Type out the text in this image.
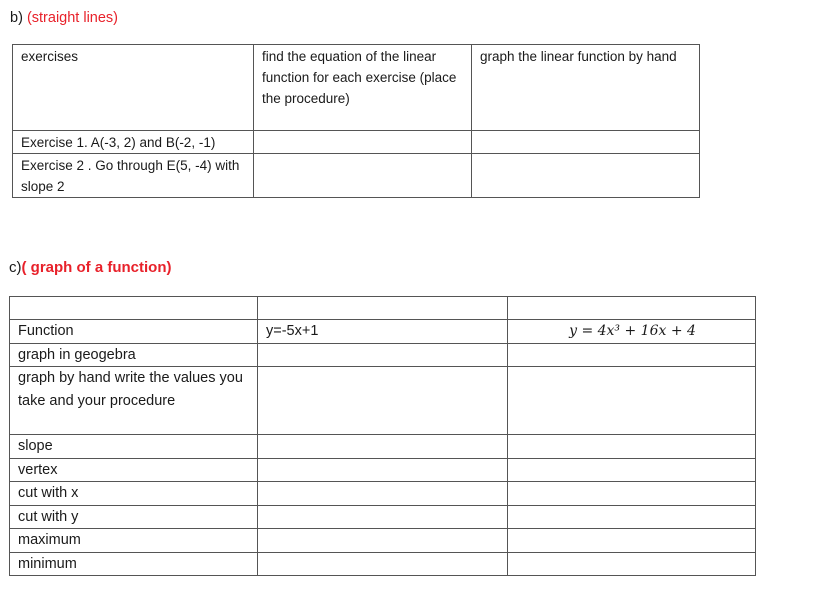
b) (straight lines)
exercises	find the equation of the linear function for each exercise (place the procedure)	graph the linear function by hand
Exercise 1. A(-3, 2) and B(-2, -1)		
Exercise 2 . Go through E(5, -4) with slope 2		
c)( graph of a function)

Function	y=-5x+1	y = 4x³ + 16x + 4
graph in geogebra		
graph by hand write the values you take and your procedure		
slope		
vertex		
cut with x		
cut with y		
maximum		
minimum		
